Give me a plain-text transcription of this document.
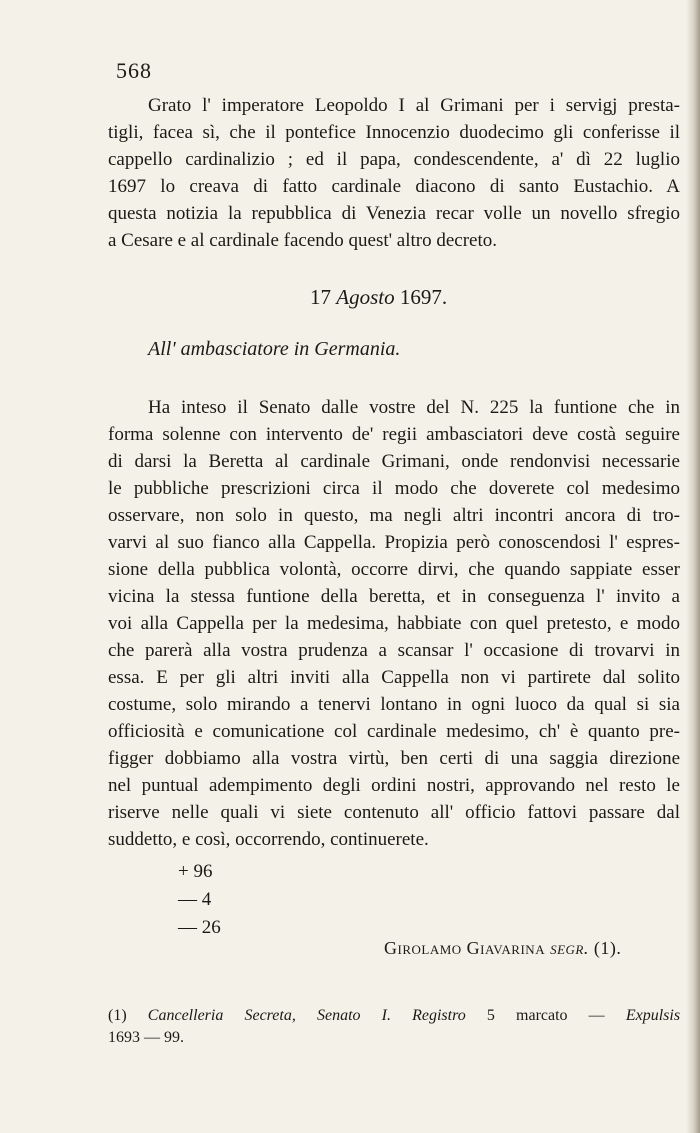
568

Grato l' imperatore Leopoldo I al Grimani per i servigj presta-
tigli, facea sì, che il pontefice Innocenzio duodecimo gli conferisse il
cappello cardinalizio ; ed il papa, condescendente, a' dì 22 luglio
1697 lo creava di fatto cardinale diacono di santo Eustachio. A
questa notizia la repubblica di Venezia recar volle un novello sfregio
a Cesare e al cardinale facendo quest' altro decreto.

17 Agosto 1697.
All' ambasciatore in Germania.

Ha inteso il Senato dalle vostre del N. 225 la funtione che in
forma solenne con intervento de' regii ambasciatori deve costà seguire
di darsi la Beretta al cardinale Grimani, onde rendonvisi necessarie
le pubbliche prescrizioni circa il modo che doverete col medesimo
osservare, non solo in questo, ma negli altri incontri ancora di tro-
varvi al suo fianco alla Cappella. Propizia però conoscendosi l' espres-
sione della pubblica volontà, occorre dirvi, che quando sappiate esser
vicina la stessa funtione della beretta, et in conseguenza l' invito a
voi alla Cappella per la medesima, habbiate con quel pretesto, e modo
che parerà alla vostra prudenza a scansar l' occasione di trovarvi in
essa. E per gli altri inviti alla Cappella non vi partirete dal solito
costume, solo mirando a tenervi lontano in ogni luoco da qual si sia
officiosità e comunicatione col cardinale medesimo, ch' è quanto pre-
figger dobbiamo alla vostra virtù, ben certi di una saggia direzione
nel puntual adempimento degli ordini nostri, approvando nel resto le
riserve nelle quali vi siete contenuto all' officio fattovi passare dal
suddetto, e così, occorrendo, continuerete.

+ 96
— 4
— 26
Girolamo Giavarina segr. (1).
(1) Cancelleria Secreta, Senato I. Registro 5 marcato — Expulsis
1693 — 99.
